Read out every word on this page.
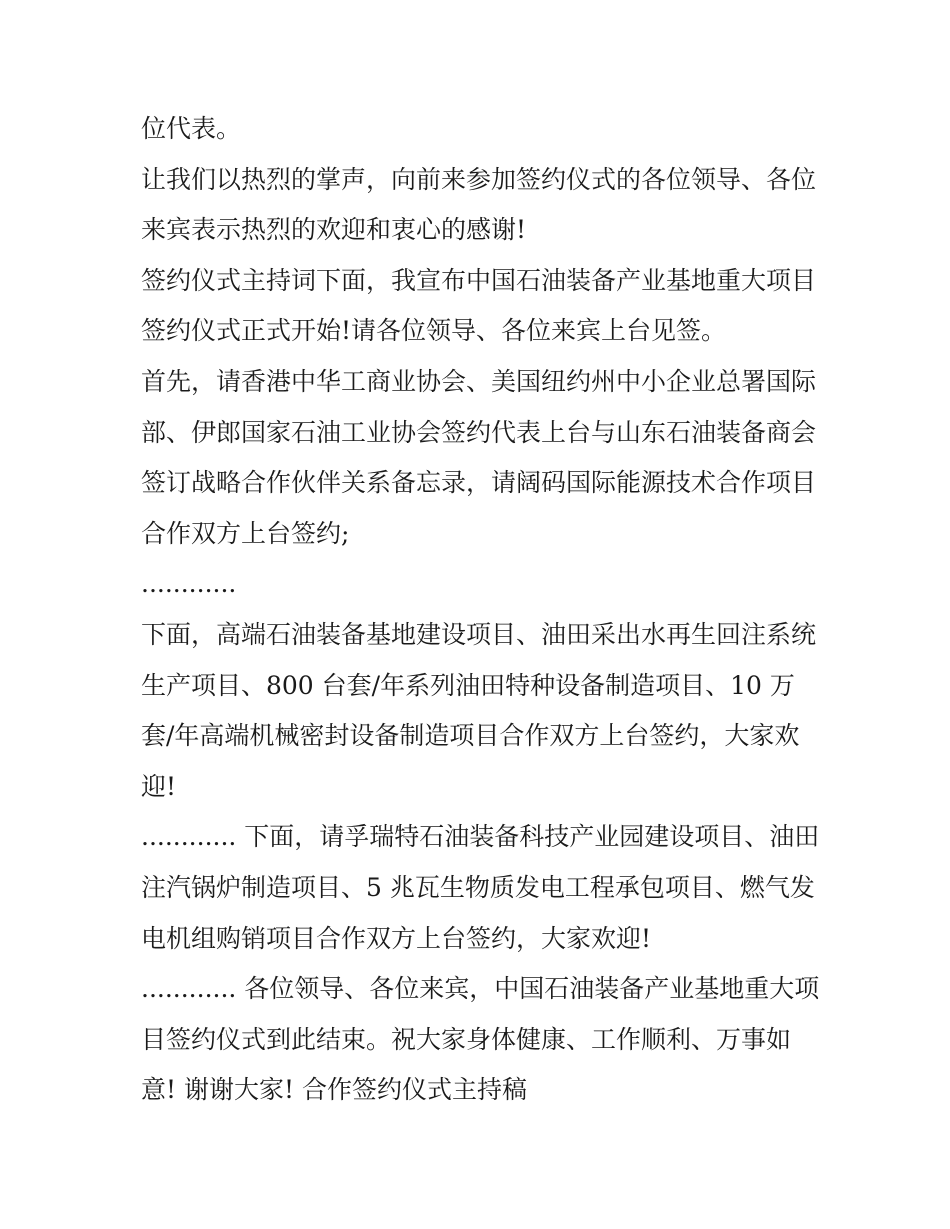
位代表。
让我们以热烈的掌声，向前来参加签约仪式的各位领导、各位
来宾表示热烈的欢迎和衷心的感谢!
签约仪式主持词下面，我宣布中国石油装备产业基地重大项目
签约仪式正式开始!请各位领导、各位来宾上台见签。
首先，请香港中华工商业协会、美国纽约州中小企业总署国际
部、伊郎国家石油工业协会签约代表上台与山东石油装备商会
签订战略合作伙伴关系备忘录，请阔码国际能源技术合作项目
合作双方上台签约;
............
下面，高端石油装备基地建设项目、油田采出水再生回注系统
生产项目、800 台套/年系列油田特种设备制造项目、10 万
套/年高端机械密封设备制造项目合作双方上台签约，大家欢
迎!
............ 下面，请孚瑞特石油装备科技产业园建设项目、油田
注汽锅炉制造项目、5 兆瓦生物质发电工程承包项目、燃气发
电机组购销项目合作双方上台签约，大家欢迎!
............ 各位领导、各位来宾，中国石油装备产业基地重大项
目签约仪式到此结束。祝大家身体健康、工作顺利、万事如
意! 谢谢大家! 合作签约仪式主持稿
